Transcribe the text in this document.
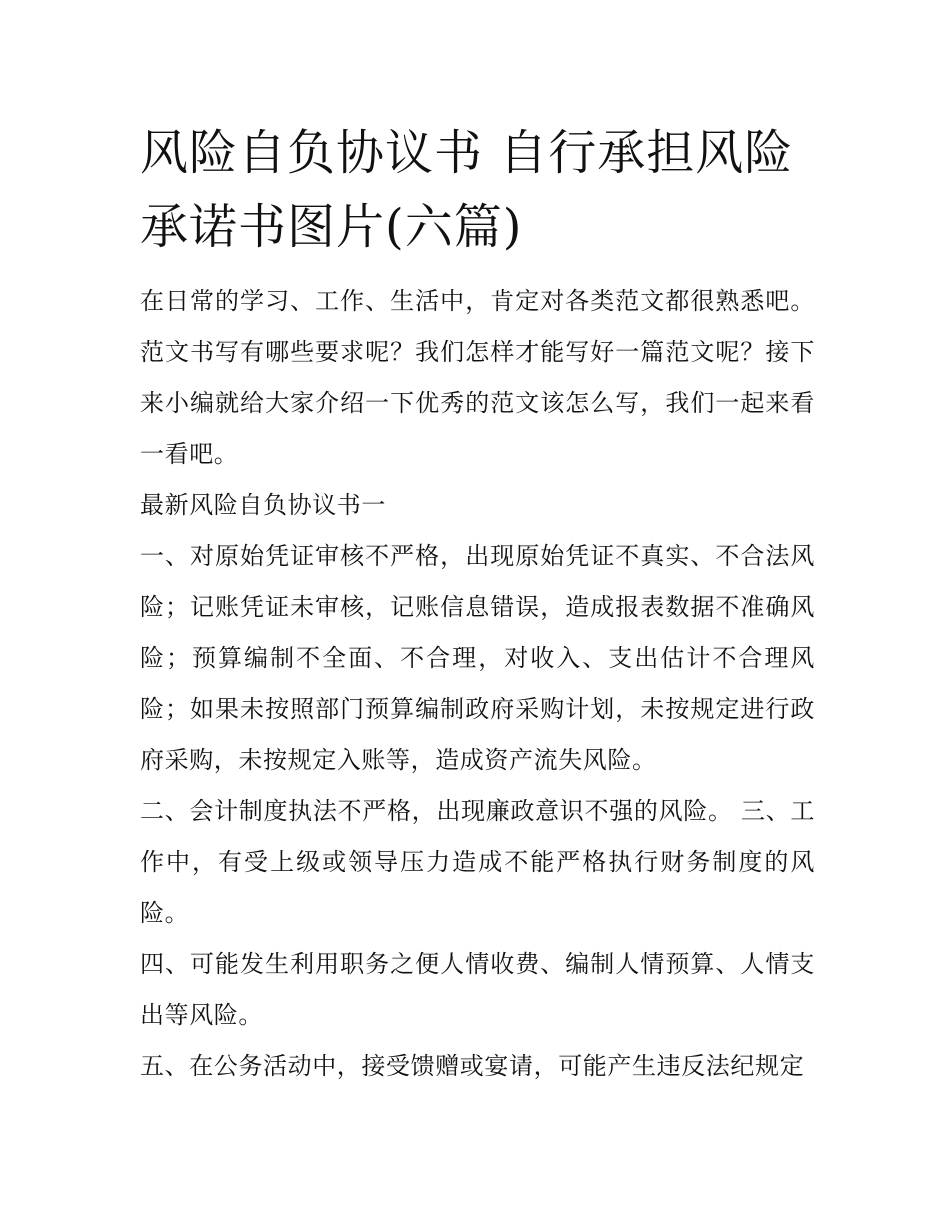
风险自负协议书 自行承担风险承诺书图片(六篇)

在日常的学习、工作、生活中，肯定对各类范文都很熟悉吧。范文书写有哪些要求呢？我们怎样才能写好一篇范文呢？接下来小编就给大家介绍一下优秀的范文该怎么写，我们一起来看一看吧。

最新风险自负协议书一

一、对原始凭证审核不严格，出现原始凭证不真实、不合法风险；记账凭证未审核，记账信息错误，造成报表数据不准确风险；预算编制不全面、不合理，对收入、支出估计不合理风险；如果未按照部门预算编制政府采购计划，未按规定进行政府采购，未按规定入账等，造成资产流失风险。

二、会计制度执法不严格，出现廉政意识不强的风险。 三、工作中，有受上级或领导压力造成不能严格执行财务制度的风险。

四、可能发生利用职务之便人情收费、编制人情预算、人情支出等风险。

五、在公务活动中，接受馈赠或宴请，可能产生违反法纪规定
